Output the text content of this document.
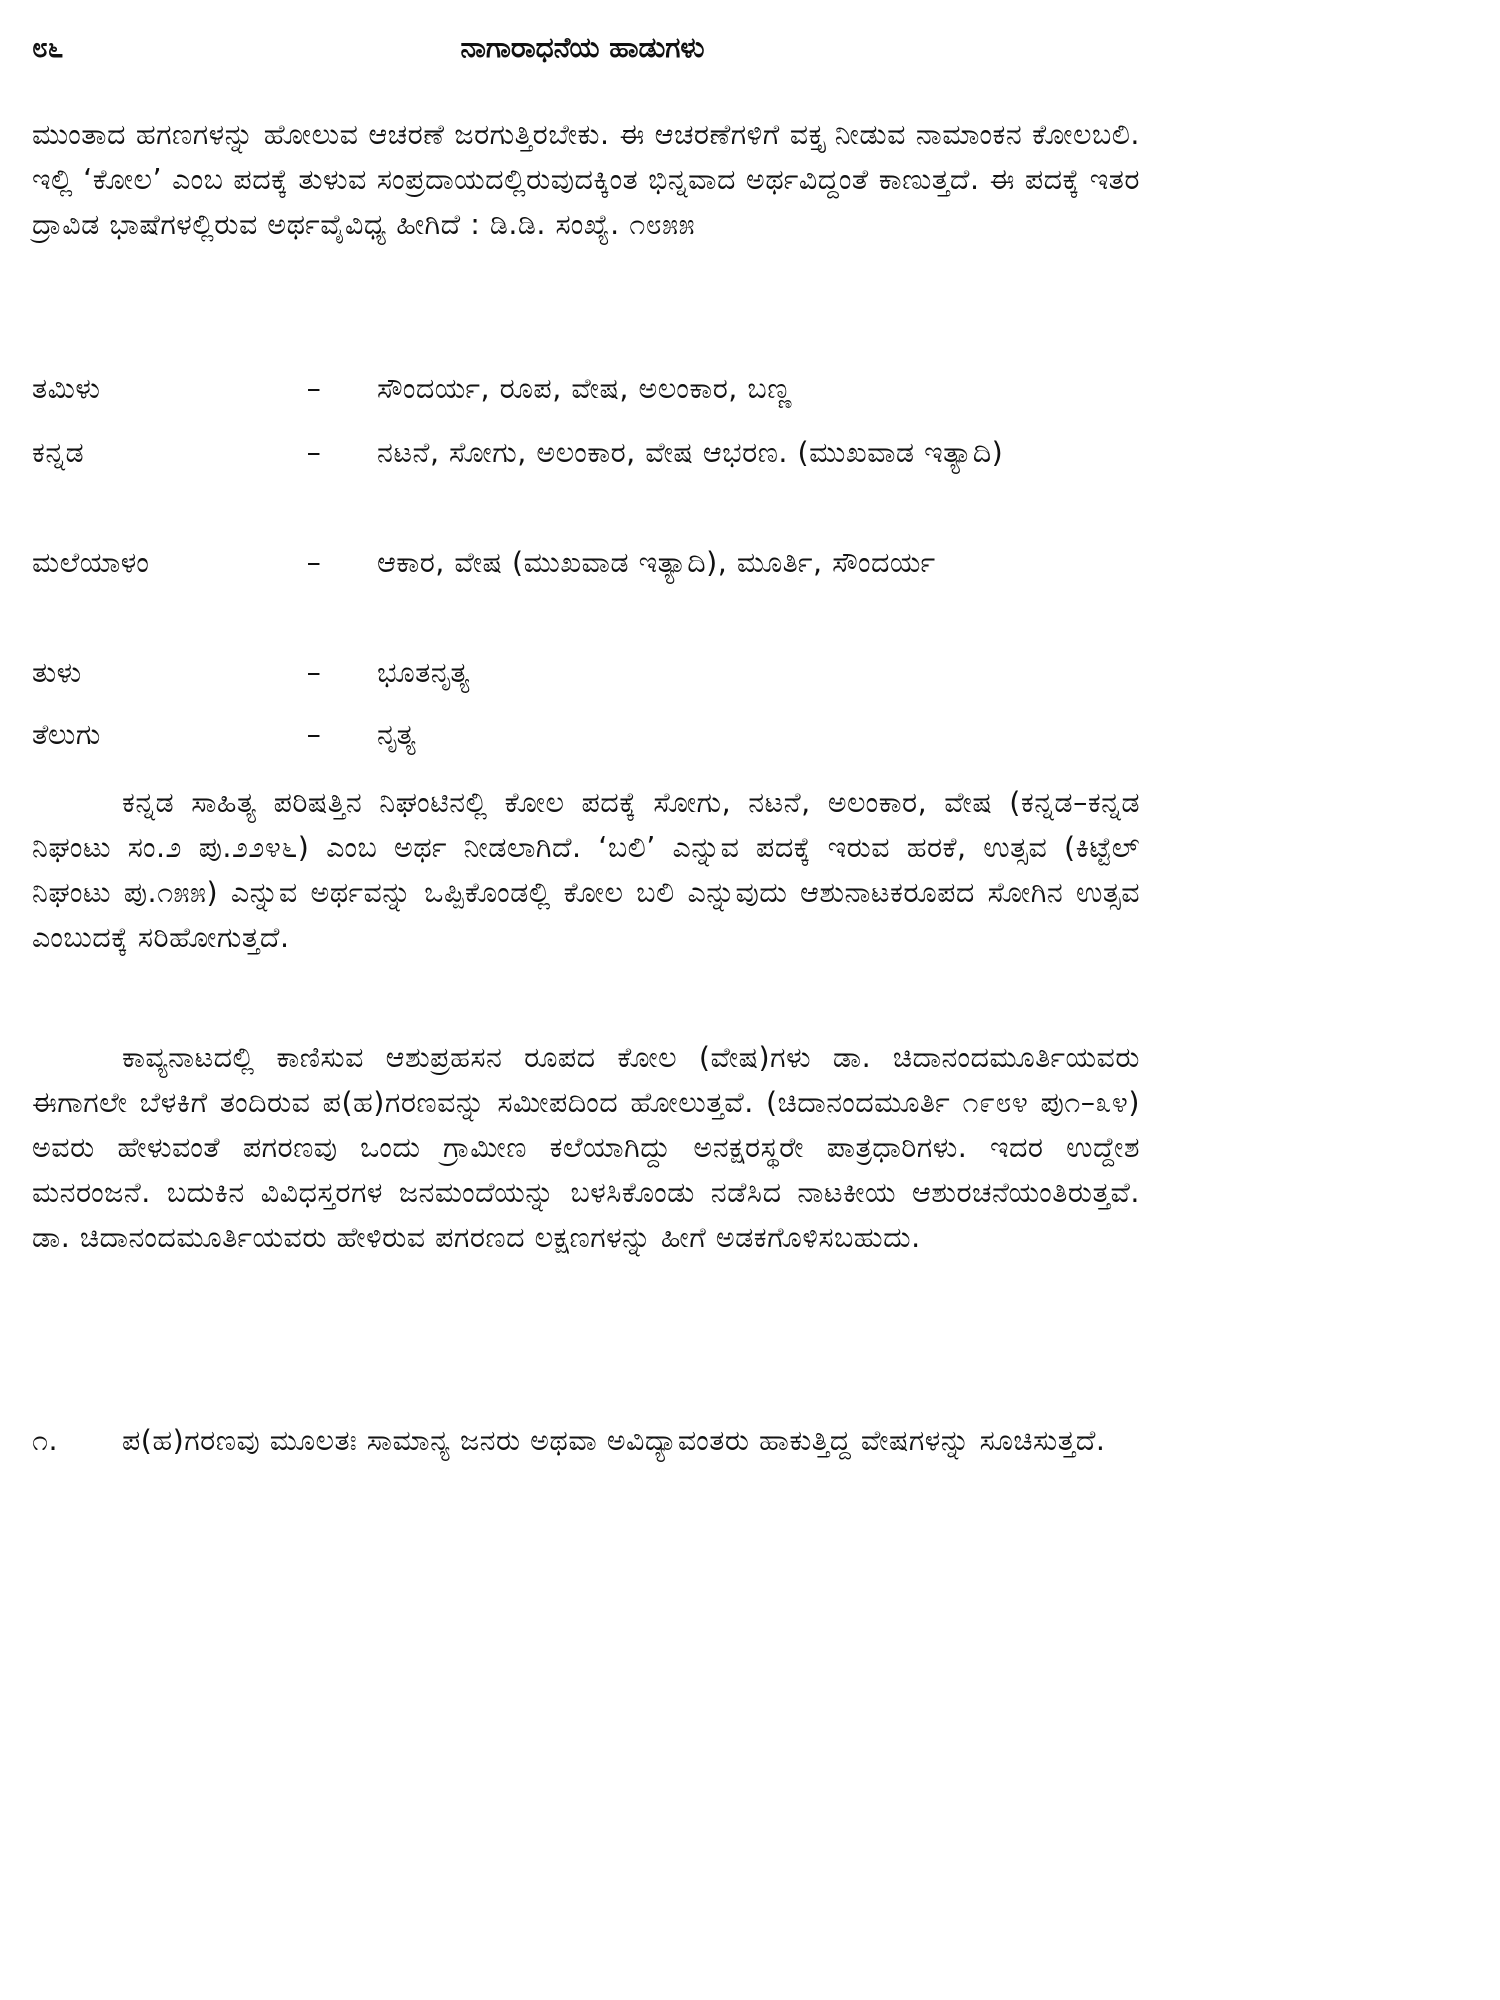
೮೬	ನಾಗಾರಾಧನೆಯ ಹಾಡುಗಳು

ಮುಂತಾದ ಹಗಣಗಳನ್ನು ಹೋಲುವ ಆಚರಣೆ ಜರಗುತ್ತಿರಬೇಕು. ಈ ಆಚರಣೆಗಳಿಗೆ ವಕ್ತೃ ನೀಡುವ ನಾಮಾಂಕನ ಕೋಲಬಲಿ. ಇಲ್ಲಿ ‘ಕೋಲ’ ಎಂಬ ಪದಕ್ಕೆ ತುಳುವ ಸಂಪ್ರದಾಯದಲ್ಲಿರುವುದಕ್ಕಿಂತ ಭಿನ್ನವಾದ ಅರ್ಥವಿದ್ದಂತೆ ಕಾಣುತ್ತದೆ. ಈ ಪದಕ್ಕೆ ಇತರ ದ್ರಾವಿಡ ಭಾಷೆಗಳಲ್ಲಿರುವ ಅರ್ಥವೈವಿಧ್ಯ ಹೀಗಿದೆ : ಡಿ.ಡಿ. ಸಂಖ್ಯೆ. ೧೮೫೫

ತಮಿಳು	–	ಸೌಂದರ್ಯ, ರೂಪ, ವೇಷ, ಅಲಂಕಾರ, ಬಣ್ಣ
ಕನ್ನಡ	–	ನಟನೆ, ಸೋಗು, ಅಲಂಕಾರ, ವೇಷ ಆಭರಣ. (ಮುಖವಾಡ ಇತ್ಯಾದಿ)
ಮಲೆಯಾಳಂ	–	ಆಕಾರ, ವೇಷ (ಮುಖವಾಡ ಇತ್ಯಾದಿ), ಮೂರ್ತಿ, ಸೌಂದರ್ಯ
ತುಳು	–	ಭೂತನೃತ್ಯ
ತೆಲುಗು	–	ನೃತ್ಯ

ಕನ್ನಡ ಸಾಹಿತ್ಯ ಪರಿಷತ್ತಿನ ನಿಘಂಟಿನಲ್ಲಿ ಕೋಲ ಪದಕ್ಕೆ ಸೋಗು, ನಟನೆ, ಅಲಂಕಾರ, ವೇಷ (ಕನ್ನಡ–ಕನ್ನಡ ನಿಘಂಟು ಸಂ.೨ ಪು.೨೨೪೬) ಎಂಬ ಅರ್ಥ ನೀಡಲಾಗಿದೆ. ‘ಬಲಿ’ ಎನ್ನುವ ಪದಕ್ಕೆ ಇರುವ ಹರಕೆ, ಉತ್ಸವ (ಕಿಟ್ಟೆಲ್ ನಿಘಂಟು ಪು.೧೫೫) ಎನ್ನುವ ಅರ್ಥವನ್ನು ಒಪ್ಪಿಕೊಂಡಲ್ಲಿ ಕೋಲ ಬಲಿ ಎನ್ನುವುದು ಆಶುನಾಟಕರೂಪದ ಸೋಗಿನ ಉತ್ಸವ ಎಂಬುದಕ್ಕೆ ಸರಿಹೋಗುತ್ತದೆ.

ಕಾವ್ಯನಾಟದಲ್ಲಿ ಕಾಣಿಸುವ ಆಶುಪ್ರಹಸನ ರೂಪದ ಕೋಲ (ವೇಷ)ಗಳು ಡಾ. ಚಿದಾನಂದಮೂರ್ತಿಯವರು ಈಗಾಗಲೇ ಬೆಳಕಿಗೆ ತಂದಿರುವ ಪ(ಹ)ಗರಣವನ್ನು ಸಮೀಪದಿಂದ ಹೋಲುತ್ತವೆ. (ಚಿದಾನಂದಮೂರ್ತಿ ೧೯೮೪ ಪು೧–೩೪) ಅವರು ಹೇಳುವಂತೆ ಪಗರಣವು ಒಂದು ಗ್ರಾಮೀಣ ಕಲೆಯಾಗಿದ್ದು ಅನಕ್ಷರಸ್ಥರೇ ಪಾತ್ರಧಾರಿಗಳು. ಇದರ ಉದ್ದೇಶ ಮನರಂಜನೆ. ಬದುಕಿನ ವಿವಿಧಸ್ತರಗಳ ಜನಮಂದೆಯನ್ನು ಬಳಸಿಕೊಂಡು ನಡೆಸಿದ ನಾಟಕೀಯ ಆಶುರಚನೆಯಂತಿರುತ್ತವೆ. ಡಾ. ಚಿದಾನಂದಮೂರ್ತಿಯವರು ಹೇಳಿರುವ ಪಗರಣದ ಲಕ್ಷಣಗಳನ್ನು ಹೀಗೆ ಅಡಕಗೊಳಿಸಬಹುದು.

೧.	ಪ(ಹ)ಗರಣವು ಮೂಲತಃ ಸಾಮಾನ್ಯ ಜನರು ಅಥವಾ ಅವಿದ್ಯಾವಂತರು ಹಾಕುತ್ತಿದ್ದ ವೇಷಗಳನ್ನು ಸೂಚಿಸುತ್ತದೆ.
